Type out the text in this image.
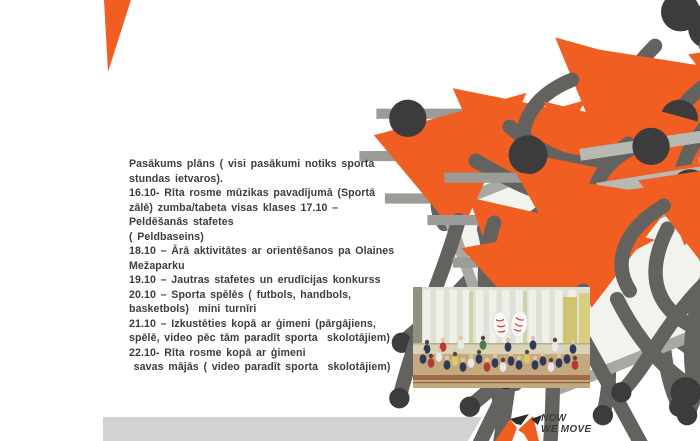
Pasākums plāns ( visi pasākumi notiks sporta
stundas ietvaros).
16.10- Rīta rosme mūzikas pavadījumā (Sportā
zālē) zumba/tabeta visas klases 17.10 –
Peldēšanās stafetes
( Peldbaseins)
18.10 – Ārā aktivitātes ar orientēšanos pa Olaines
Mežaparku
19.10 – Jautras stafetes un erudīcijas konkurss
20.10 – Sporta spēlēs ( futbols, handbols,
basketbols)  mini turnīri
21.10 – Izkustēties kopā ar ģimeni (pārgājiens,
spēlē, video pēc tām paradīt sporta  skolotājiem)
22.10- Rīta rosme kopā ar ģimeni
savas mājās ( video paradīt sporta  skolotājiem)
NOW
WE MOVE
